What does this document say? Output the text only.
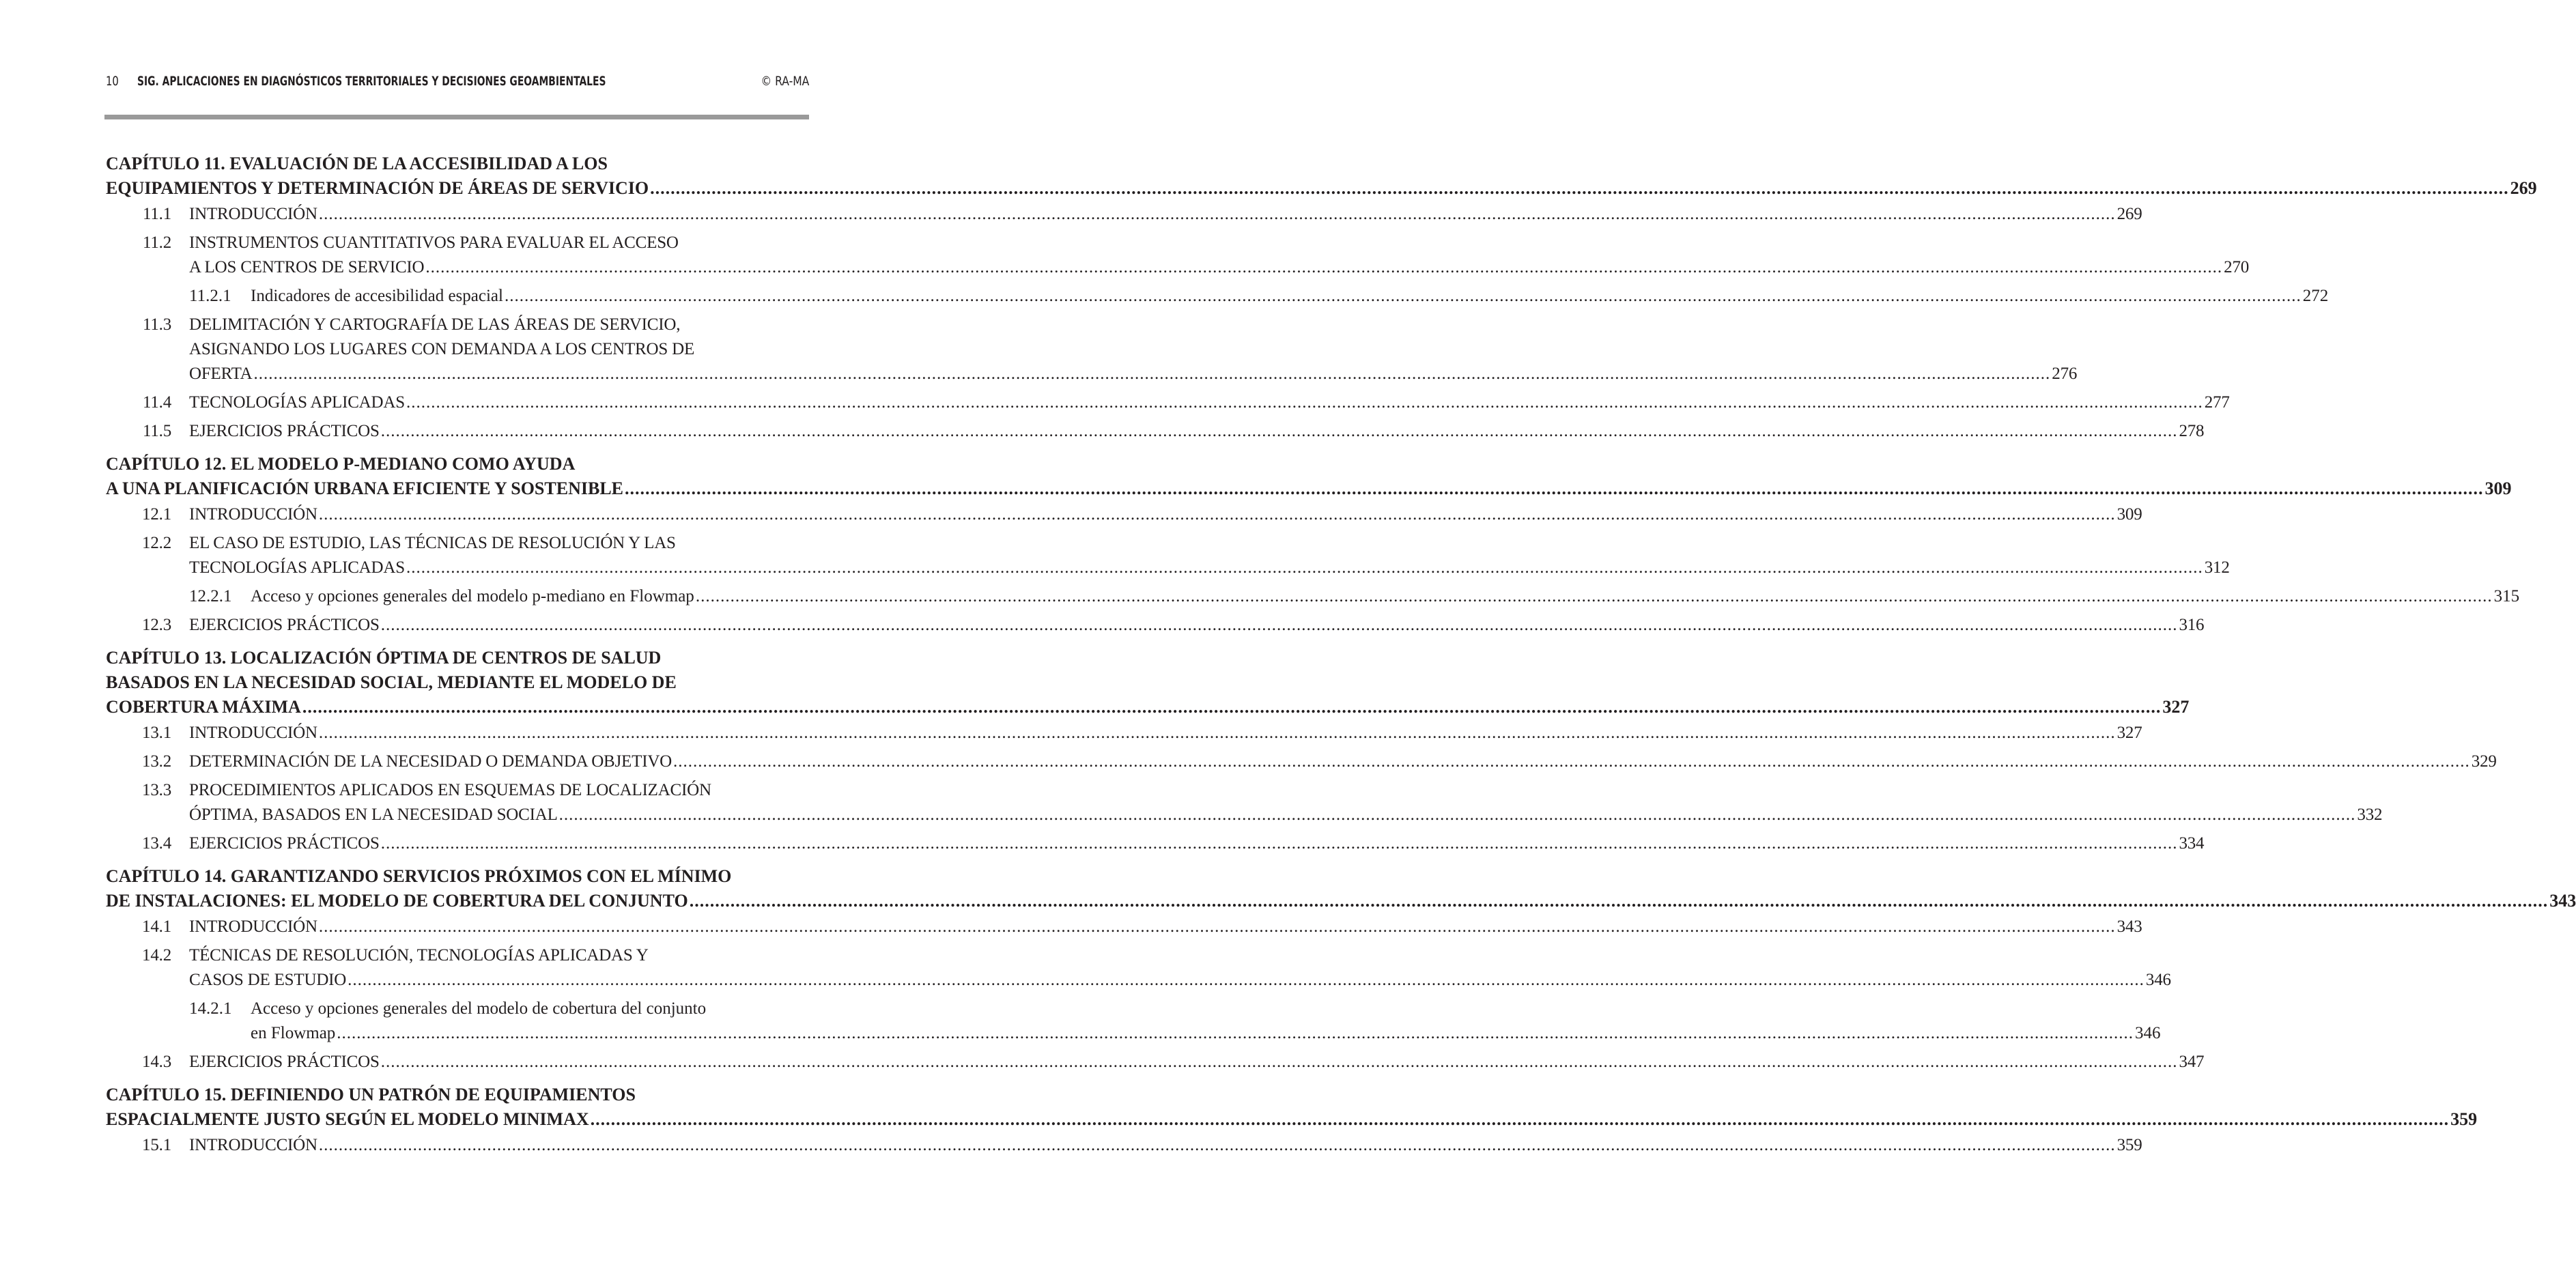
10 SIG. APLICACIONES EN DIAGNÓSTICOS TERRITORIALES Y DECISIONES GEOAMBIENTALES	© RA-MA
CAPÍTULO 11. EVALUACIÓN DE LA ACCESIBILIDAD A LOS
EQUIPAMIENTOS Y DETERMINACIÓN DE ÁREAS DE SERVICIO .....	269
11.1	INTRODUCCIÓN .....	269
11.2	INSTRUMENTOS CUANTITATIVOS PARA EVALUAR EL ACCESO
A LOS CENTROS DE SERVICIO .....	270
11.2.1	Indicadores de accesibilidad espacial .....	272
11.3	DELIMITACIÓN Y CARTOGRAFÍA DE LAS ÁREAS DE SERVICIO,
ASIGNANDO LOS LUGARES CON DEMANDA A LOS CENTROS DE
OFERTA .....	276
11.4	TECNOLOGÍAS APLICADAS .....	277
11.5	EJERCICIOS PRÁCTICOS .....	278
CAPÍTULO 12. EL MODELO P-MEDIANO COMO AYUDA
A UNA PLANIFICACIÓN URBANA EFICIENTE Y SOSTENIBLE .....	309
12.1	INTRODUCCIÓN .....	309
12.2	EL CASO DE ESTUDIO, LAS TÉCNICAS DE RESOLUCIÓN Y LAS
TECNOLOGÍAS APLICADAS .....	312
12.2.1	Acceso y opciones generales del modelo p-mediano en Flowmap .....	315
12.3	EJERCICIOS PRÁCTICOS .....	316
CAPÍTULO 13. LOCALIZACIÓN ÓPTIMA DE CENTROS DE SALUD
BASADOS EN LA NECESIDAD SOCIAL, MEDIANTE EL MODELO DE
COBERTURA MÁXIMA .....	327
13.1	INTRODUCCIÓN .....	327
13.2	DETERMINACIÓN DE LA NECESIDAD O DEMANDA OBJETIVO .....	329
13.3	PROCEDIMIENTOS APLICADOS EN ESQUEMAS DE LOCALIZACIÓN
ÓPTIMA, BASADOS EN LA NECESIDAD SOCIAL .....	332
13.4	EJERCICIOS PRÁCTICOS .....	334
CAPÍTULO 14. GARANTIZANDO SERVICIOS PRÓXIMOS CON EL MÍNIMO
DE INSTALACIONES: EL MODELO DE COBERTURA DEL CONJUNTO .....	343
14.1	INTRODUCCIÓN .....	343
14.2	TÉCNICAS DE RESOLUCIÓN, TECNOLOGÍAS APLICADAS Y
CASOS DE ESTUDIO .....	346
14.2.1	Acceso y opciones generales del modelo de cobertura del conjunto
en Flowmap .....	346
14.3	EJERCICIOS PRÁCTICOS .....	347
CAPÍTULO 15. DEFINIENDO UN PATRÓN DE EQUIPAMIENTOS
ESPACIALMENTE JUSTO SEGÚN EL MODELO MINIMAX .....	359
15.1	INTRODUCCIÓN .....	359
